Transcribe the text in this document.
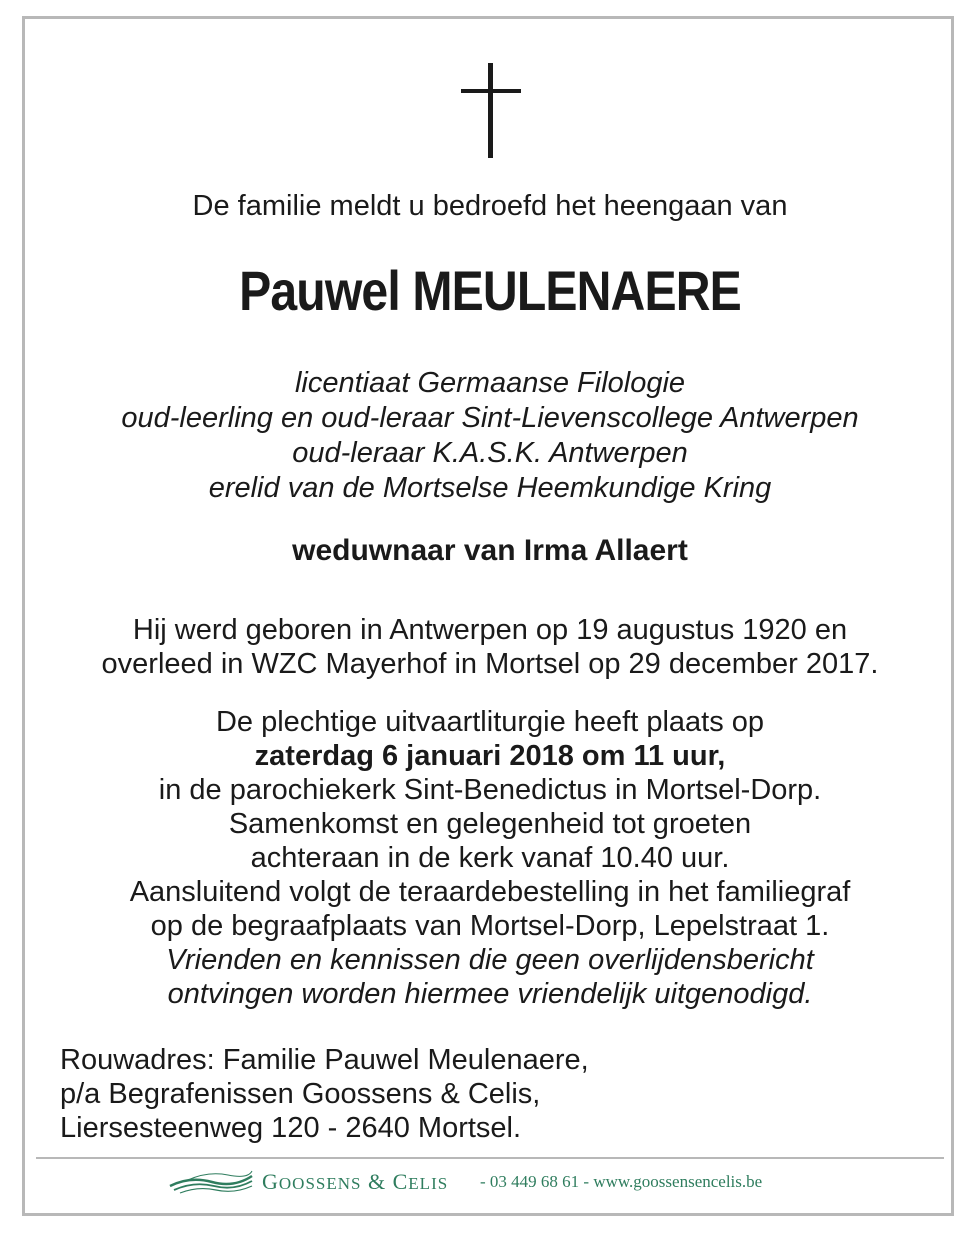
De familie meldt u bedroefd het heengaan van
Pauwel MEULENAERE
licentiaat Germaanse Filologie
oud-leerling en oud-leraar Sint-Lievenscollege Antwerpen
oud-leraar K.A.S.K. Antwerpen
erelid van de Mortselse Heemkundige Kring
weduwnaar van Irma Allaert
Hij werd geboren in Antwerpen op 19 augustus 1920 en
overleed in WZC Mayerhof in Mortsel op 29 december 2017.
De plechtige uitvaartliturgie heeft plaats op
zaterdag 6 januari 2018 om 11 uur,
in de parochiekerk Sint-Benedictus in Mortsel-Dorp.
Samenkomst en gelegenheid tot groeten
achteraan in de kerk vanaf 10.40 uur.
Aansluitend volgt de teraardebestelling in het familiegraf
op de begraafplaats van Mortsel-Dorp, Lepelstraat 1.
Vrienden en kennissen die geen overlijdensbericht
ontvingen worden hiermee vriendelijk uitgenodigd.
Rouwadres: Familie Pauwel Meulenaere,
p/a Begrafenissen Goossens & Celis,
Liersesteenweg 120 - 2640 Mortsel.
GOOSSENS & CELIS - 03 449 68 61 - www.goossensencelis.be
